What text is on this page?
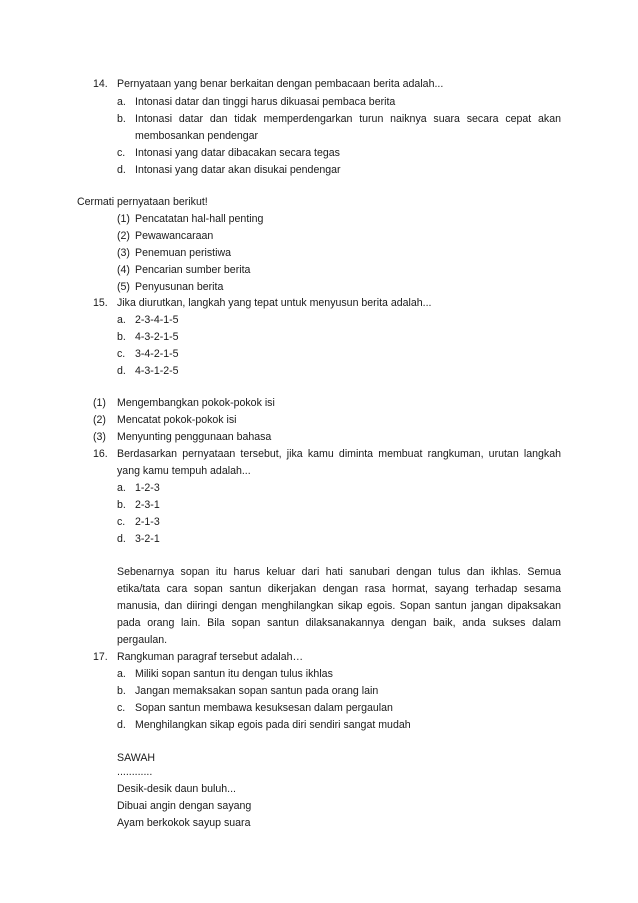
14. Pernyataan yang benar berkaitan dengan pembacaan berita adalah...
a. Intonasi datar dan tinggi harus dikuasai pembaca berita
b. Intonasi datar dan tidak memperdengarkan turun naiknya suara secara cepat akan
membosankan pendengar
c. Intonasi yang datar dibacakan secara tegas
d. Intonasi yang datar akan disukai pendengar
Cermati pernyataan berikut!
(1) Pencatatan hal-hall penting
(2) Pewawancaraan
(3) Penemuan peristiwa
(4) Pencarian sumber berita
(5) Penyusunan berita
15. Jika diurutkan, langkah yang tepat untuk menyusun berita adalah...
a. 2-3-4-1-5
b. 4-3-2-1-5
c. 3-4-2-1-5
d. 4-3-1-2-5
(1) Mengembangkan pokok-pokok isi
(2) Mencatat pokok-pokok isi
(3) Menyunting penggunaan bahasa
16. Berdasarkan pernyataan tersebut, jika kamu diminta membuat rangkuman, urutan langkah
yang kamu tempuh adalah...
a. 1-2-3
b. 2-3-1
c. 2-1-3
d. 3-2-1
Sebenarnya sopan itu harus keluar dari hati sanubari dengan tulus dan ikhlas. Semua
etika/tata cara sopan santun dikerjakan dengan rasa hormat, sayang terhadap sesama
manusia, dan diiringi dengan menghilangkan sikap egois. Sopan santun jangan dipaksakan
pada orang lain. Bila sopan santun dilaksanakannya dengan baik, anda sukses dalam
pergaulan.
17. Rangkuman paragraf tersebut adalah…
a. Miliki sopan santun itu dengan tulus ikhlas
b. Jangan memaksakan sopan santun pada orang lain
c. Sopan santun membawa kesuksesan dalam pergaulan
d. Menghilangkan sikap egois pada diri sendiri sangat mudah
SAWAH
............
Desik-desik daun buluh...
Dibuai angin dengan sayang
Ayam berkokok sayup suara
